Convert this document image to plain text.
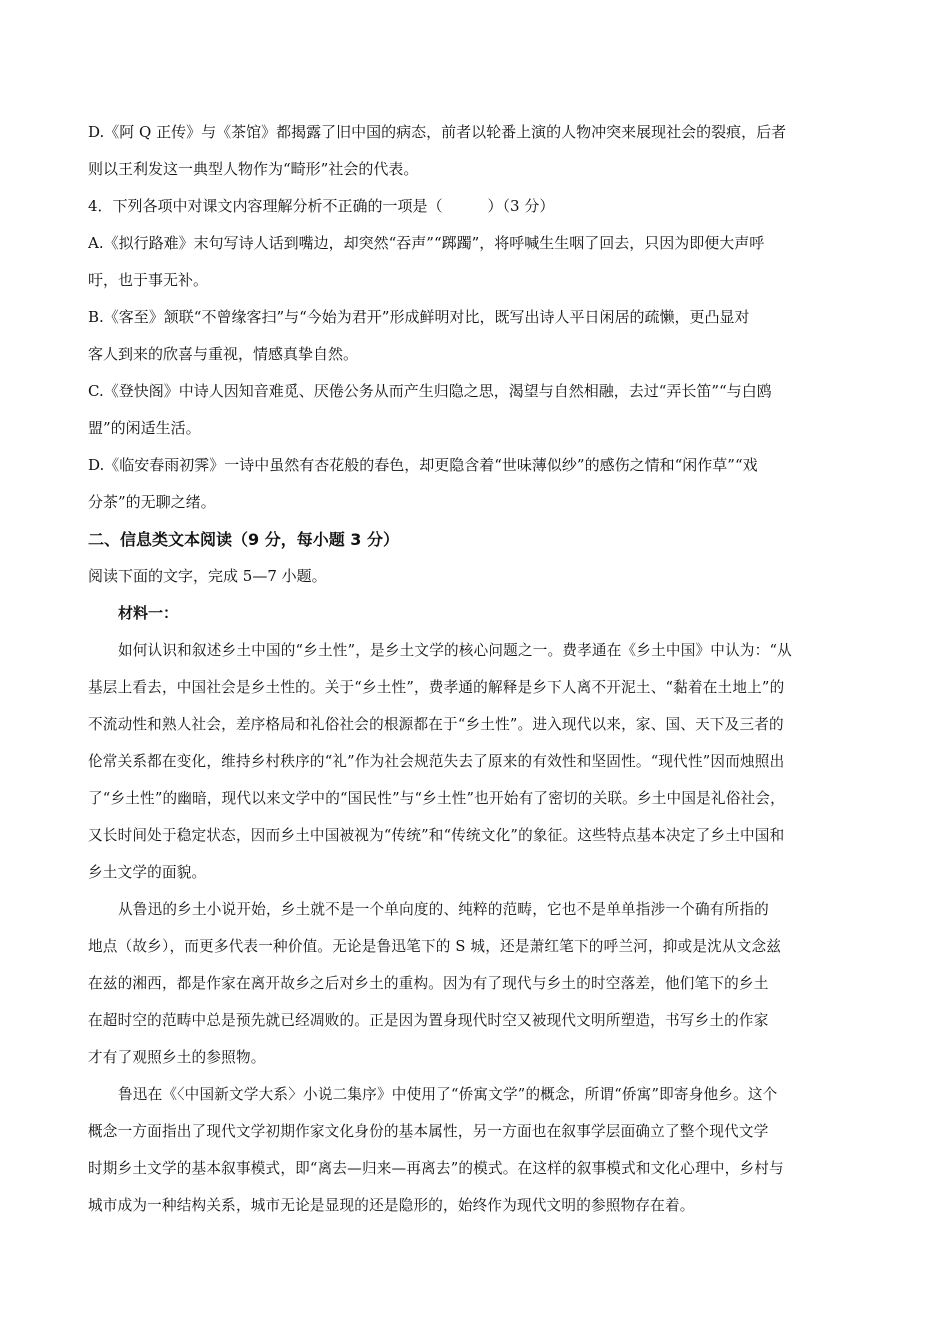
D.《阿 Q 正传》与《茶馆》都揭露了旧中国的病态，前者以轮番上演的人物冲突来展现社会的裂痕，后者
则以王利发这一典型人物作为“畸形”社会的代表。
4．下列各项中对课文内容理解分析不正确的一项是（　　　）（3 分）
A.《拟行路难》末句写诗人话到嘴边，却突然“吞声”“踯躅”，将呼喊生生咽了回去，只因为即便大声呼
吁，也于事无补。
B.《客至》颔联“不曾缘客扫”与“今始为君开”形成鲜明对比，既写出诗人平日闲居的疏懒，更凸显对
客人到来的欣喜与重视，情感真挚自然。
C.《登快阁》中诗人因知音难觅、厌倦公务从而产生归隐之思，渴望与自然相融，去过“弄长笛”“与白鸥
盟”的闲适生活。
D.《临安春雨初霁》一诗中虽然有杏花般的春色，却更隐含着“世味薄似纱”的感伤之情和“闲作草”“戏
分茶”的无聊之绪。
二、信息类文本阅读（9 分，每小题 3 分）
阅读下面的文字，完成 5—7 小题。
材料一：
如何认识和叙述乡土中国的“乡土性”，是乡土文学的核心问题之一。费孝通在《乡土中国》中认为：“从
基层上看去，中国社会是乡土性的。关于“乡土性”，费孝通的解释是乡下人离不开泥土、“黏着在土地上”的
不流动性和熟人社会，差序格局和礼俗社会的根源都在于“乡土性”。进入现代以来，家、国、天下及三者的
伦常关系都在变化，维持乡村秩序的“礼”作为社会规范失去了原来的有效性和坚固性。“现代性”因而烛照出
了“乡土性”的幽暗，现代以来文学中的“国民性”与“乡土性”也开始有了密切的关联。乡土中国是礼俗社会，
又长时间处于稳定状态，因而乡土中国被视为“传统”和“传统文化”的象征。这些特点基本决定了乡土中国和
乡土文学的面貌。
从鲁迅的乡土小说开始，乡土就不是一个单向度的、纯粹的范畴，它也不是单单指涉一个确有所指的
地点（故乡），而更多代表一种价值。无论是鲁迅笔下的 S 城，还是萧红笔下的呼兰河，抑或是沈从文念兹
在兹的湘西，都是作家在离开故乡之后对乡土的重构。因为有了现代与乡土的时空落差，他们笔下的乡土
在超时空的范畴中总是预先就已经凋败的。正是因为置身现代时空又被现代文明所塑造，书写乡土的作家
才有了观照乡土的参照物。
鲁迅在《〈中国新文学大系〉小说二集序》中使用了“侨寓文学”的概念，所谓“侨寓”即寄身他乡。这个
概念一方面指出了现代文学初期作家文化身份的基本属性，另一方面也在叙事学层面确立了整个现代文学
时期乡土文学的基本叙事模式，即“离去—归来—再离去”的模式。在这样的叙事模式和文化心理中，乡村与
城市成为一种结构关系，城市无论是显现的还是隐形的，始终作为现代文明的参照物存在着。
